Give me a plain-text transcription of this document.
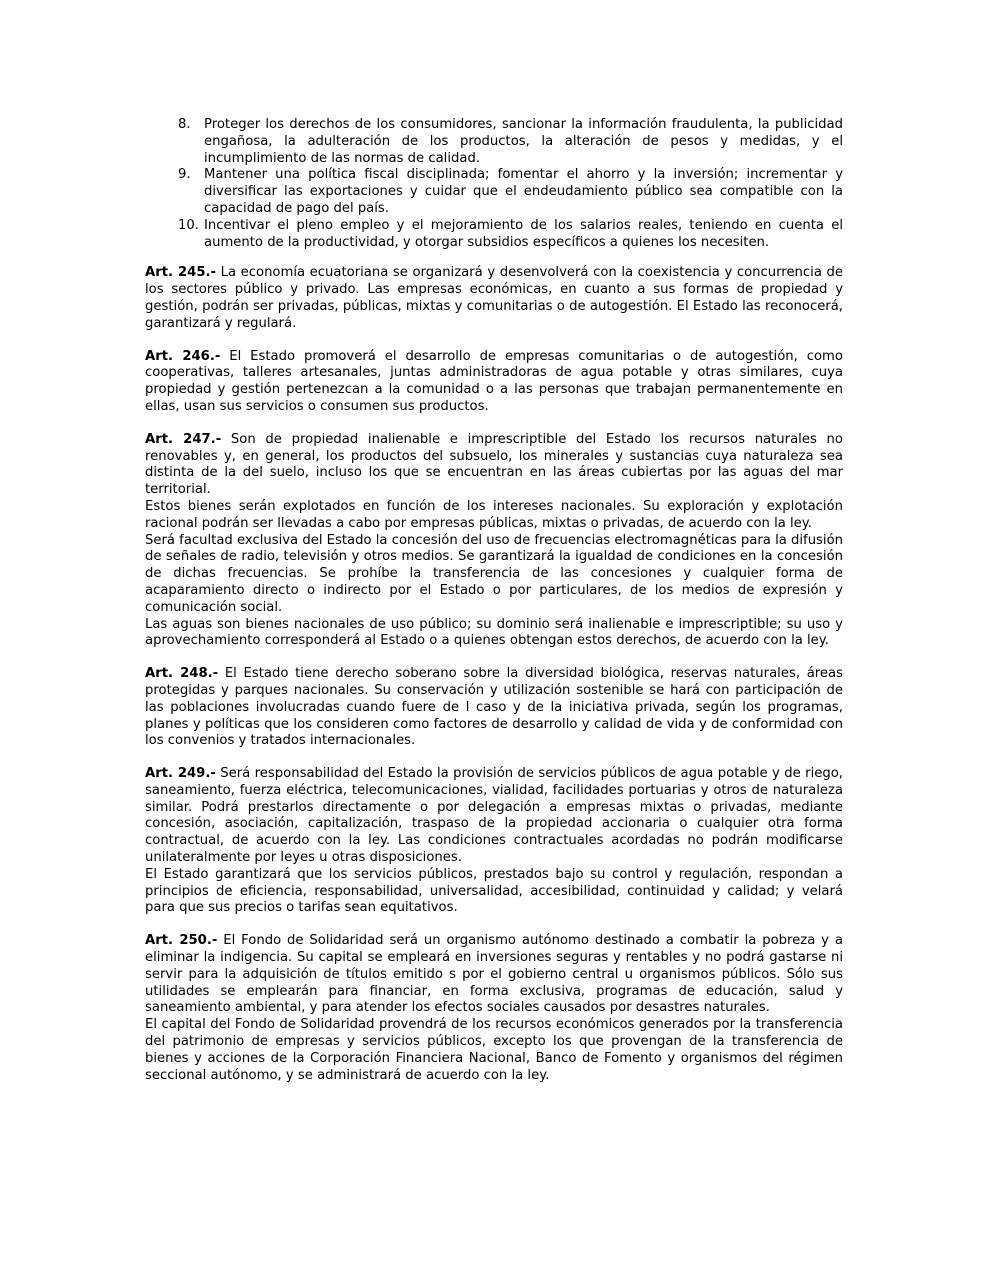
8.	Proteger los derechos de los consumidores, sancionar la información fraudulenta, la publicidad engañosa, la adulteración de los productos, la alteración de pesos y medidas, y el incumplimiento de las normas de calidad.
9.	Mantener una política fiscal disciplinada; fomentar el ahorro y la inversión; incrementar y diversificar las exportaciones y cuidar que el endeudamiento público sea compatible con la capacidad de pago del país.
10. Incentivar el pleno empleo y el mejoramiento de los salarios reales, teniendo en cuenta el aumento de la productividad, y otorgar subsidios específicos a quienes los necesiten.

Art. 245.- La economía ecuatoriana se organizará y desenvolverá con la coexistencia y concurrencia de los sectores público y privado. Las empresas económicas, en cuanto a sus formas de propiedad y gestión, podrán ser privadas, públicas, mixtas y comunitarias o de autogestión. El Estado las reconocerá, garantizará y regulará.

Art. 246.- El Estado promoverá el desarrollo de empresas comunitarias o de autogestión, como cooperativas, talleres artesanales, juntas administradoras de agua potable y otras similares, cuya propiedad y gestión pertenezcan a la comunidad o a las personas que trabajan permanentemente en ellas, usan sus servicios o consumen sus productos.

Art. 247.- Son de propiedad inalienable e imprescriptible del Estado los recursos naturales no renovables y, en general, los productos del subsuelo, los minerales y sustancias cuya naturaleza sea distinta de la del suelo, incluso los que se encuentran en las áreas cubiertas por las aguas del mar territorial.

Estos bienes serán explotados en función de los intereses nacionales. Su exploración y explotación racional podrán ser llevadas a cabo por empresas públicas, mixtas o privadas, de acuerdo con la ley.

Será facultad exclusiva del Estado la concesión del uso de frecuencias electromagnéticas para la difusión de señales de radio, televisión y otros medios. Se garantizará la igualdad de condiciones en la concesión de dichas frecuencias. Se prohíbe la transferencia de las concesiones y cualquier forma de acaparamiento directo o indirecto por el Estado o por particulares, de los medios de expresión y comunicación social.

Las aguas son bienes nacionales de uso público; su dominio será inalienable e imprescriptible; su uso y aprovechamiento corresponderá al Estado o a quienes obtengan estos derechos, de acuerdo con la ley.

Art. 248.- El Estado tiene derecho soberano sobre la diversidad biológica, reservas naturales, áreas protegidas y parques nacionales. Su conservación y utilización sostenible se hará con participación de las poblaciones involucradas cuando fuere de l caso y de la iniciativa privada, según los programas, planes y políticas que los consideren como factores de desarrollo y calidad de vida y de conformidad con los convenios y tratados internacionales.

Art. 249.- Será responsabilidad del Estado la provisión de servicios públicos de agua potable y de riego, saneamiento, fuerza eléctrica, telecomunicaciones, vialidad, facilidades portuarias y otros de naturaleza similar. Podrá prestarlos directamente o por delegación a empresas mixtas o privadas, mediante concesión, asociación, capitalización, traspaso de la propiedad accionaria o cualquier otra forma contractual, de acuerdo con la ley. Las condiciones contractuales acordadas no podrán modificarse unilateralmente por leyes u otras disposiciones.

El Estado garantizará que los servicios públicos, prestados bajo su control y regulación, respondan a principios de eficiencia, responsabilidad, universalidad, accesibilidad, continuidad y calidad; y velará para que sus precios o tarifas sean equitativos.

Art. 250.- El Fondo de Solidaridad será un organismo autónomo destinado a combatir la pobreza y a eliminar la indigencia. Su capital se empleará en inversiones seguras y rentables y no podrá gastarse ni servir para la adquisición de títulos emitido s por el gobierno central u organismos públicos. Sólo sus utilidades se emplearán para financiar, en forma exclusiva, programas de educación, salud y saneamiento ambiental, y para atender los efectos sociales causados por desastres naturales.

El capital del Fondo de Solidaridad provendrá de los recursos económicos generados por la transferencia del patrimonio de empresas y servicios públicos, excepto los que provengan de la transferencia de bienes y acciones de la Corporación Financiera Nacional, Banco de Fomento y organismos del régimen seccional autónomo, y se administrará de acuerdo con la ley.
